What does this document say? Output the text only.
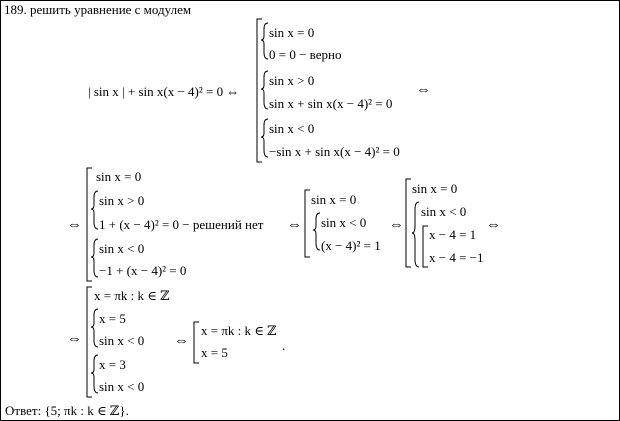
189. решить уравнение с модулем
| sin x | + sin x(x − 4)² = 0 ⇔
sin x = 0
0 = 0 − верно
sin x > 0
sin x + sin x(x − 4)² = 0
sin x < 0
−sin x + sin x(x − 4)² = 0
⇔
⇔
sin x = 0
sin x > 0
1 + (x − 4)² = 0 − решений нет
sin x < 0
−1 + (x − 4)² = 0
⇔
sin x = 0
sin x < 0
(x − 4)² = 1
⇔
sin x = 0
sin x < 0
x − 4 = 1
x − 4 = −1
⇔
⇔
x = πk : k ∈ ℤ
x = 5
sin x < 0
x = 3
sin x < 0
⇔
x = πk : k ∈ ℤ
x = 5	.
Ответ: {5; πk : k ∈ ℤ}.
